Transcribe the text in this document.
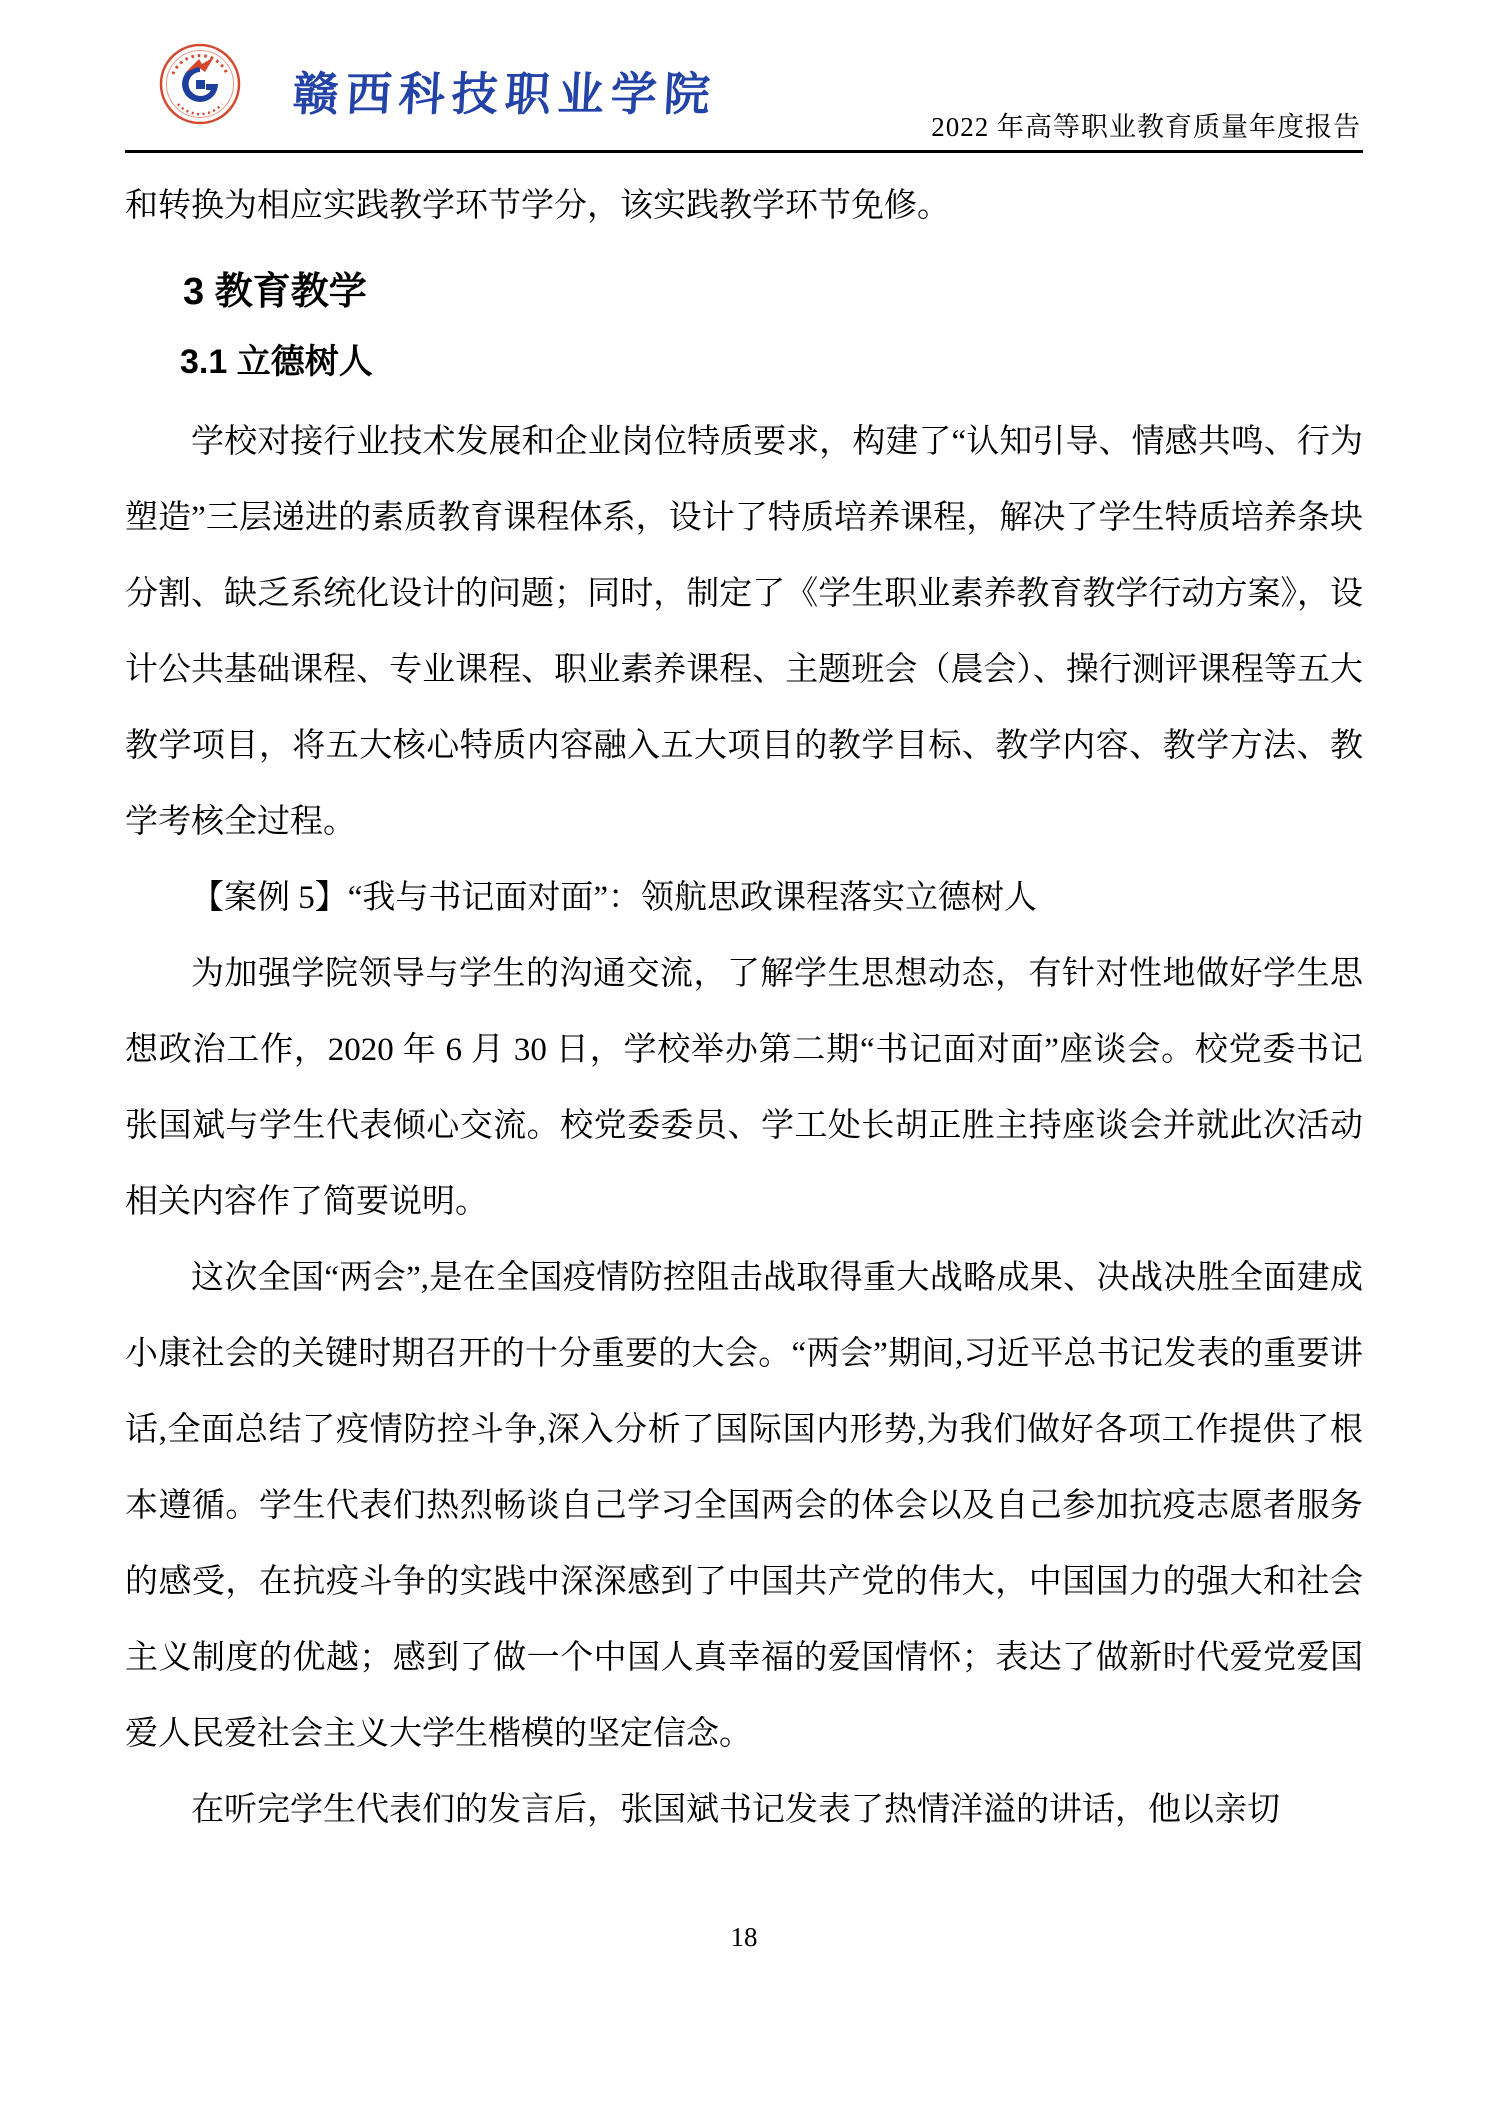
赣西科技职业学院
2022 年高等职业教育质量年度报告

和转换为相应实践教学环节学分，该实践教学环节免修。

3 教育教学
3.1 立德树人

学校对接行业技术发展和企业岗位特质要求，构建了“认知引导、情感共鸣、行为塑造”三层递进的素质教育课程体系，设计了特质培养课程，解决了学生特质培养条块分割、缺乏系统化设计的问题；同时，制定了《学生职业素养教育教学行动方案》，设计公共基础课程、专业课程、职业素养课程、主题班会（晨会）、操行测评课程等五大教学项目，将五大核心特质内容融入五大项目的教学目标、教学内容、教学方法、教学考核全过程。

【案例 5】“我与书记面对面”：领航思政课程落实立德树人

为加强学院领导与学生的沟通交流，了解学生思想动态，有针对性地做好学生思想政治工作，2020 年 6 月 30 日，学校举办第二期“书记面对面”座谈会。校党委书记张国斌与学生代表倾心交流。校党委委员、学工处长胡正胜主持座谈会并就此次活动相关内容作了简要说明。

这次全国“两会”,是在全国疫情防控阻击战取得重大战略成果、决战决胜全面建成小康社会的关键时期召开的十分重要的大会。“两会”期间,习近平总书记发表的重要讲话,全面总结了疫情防控斗争,深入分析了国际国内形势,为我们做好各项工作提供了根本遵循。学生代表们热烈畅谈自己学习全国两会的体会以及自己参加抗疫志愿者服务的感受，在抗疫斗争的实践中深深感到了中国共产党的伟大，中国国力的强大和社会主义制度的优越；感到了做一个中国人真幸福的爱国情怀；表达了做新时代爱党爱国爱人民爱社会主义大学生楷模的坚定信念。

在听完学生代表们的发言后，张国斌书记发表了热情洋溢的讲话，他以亲切

18
